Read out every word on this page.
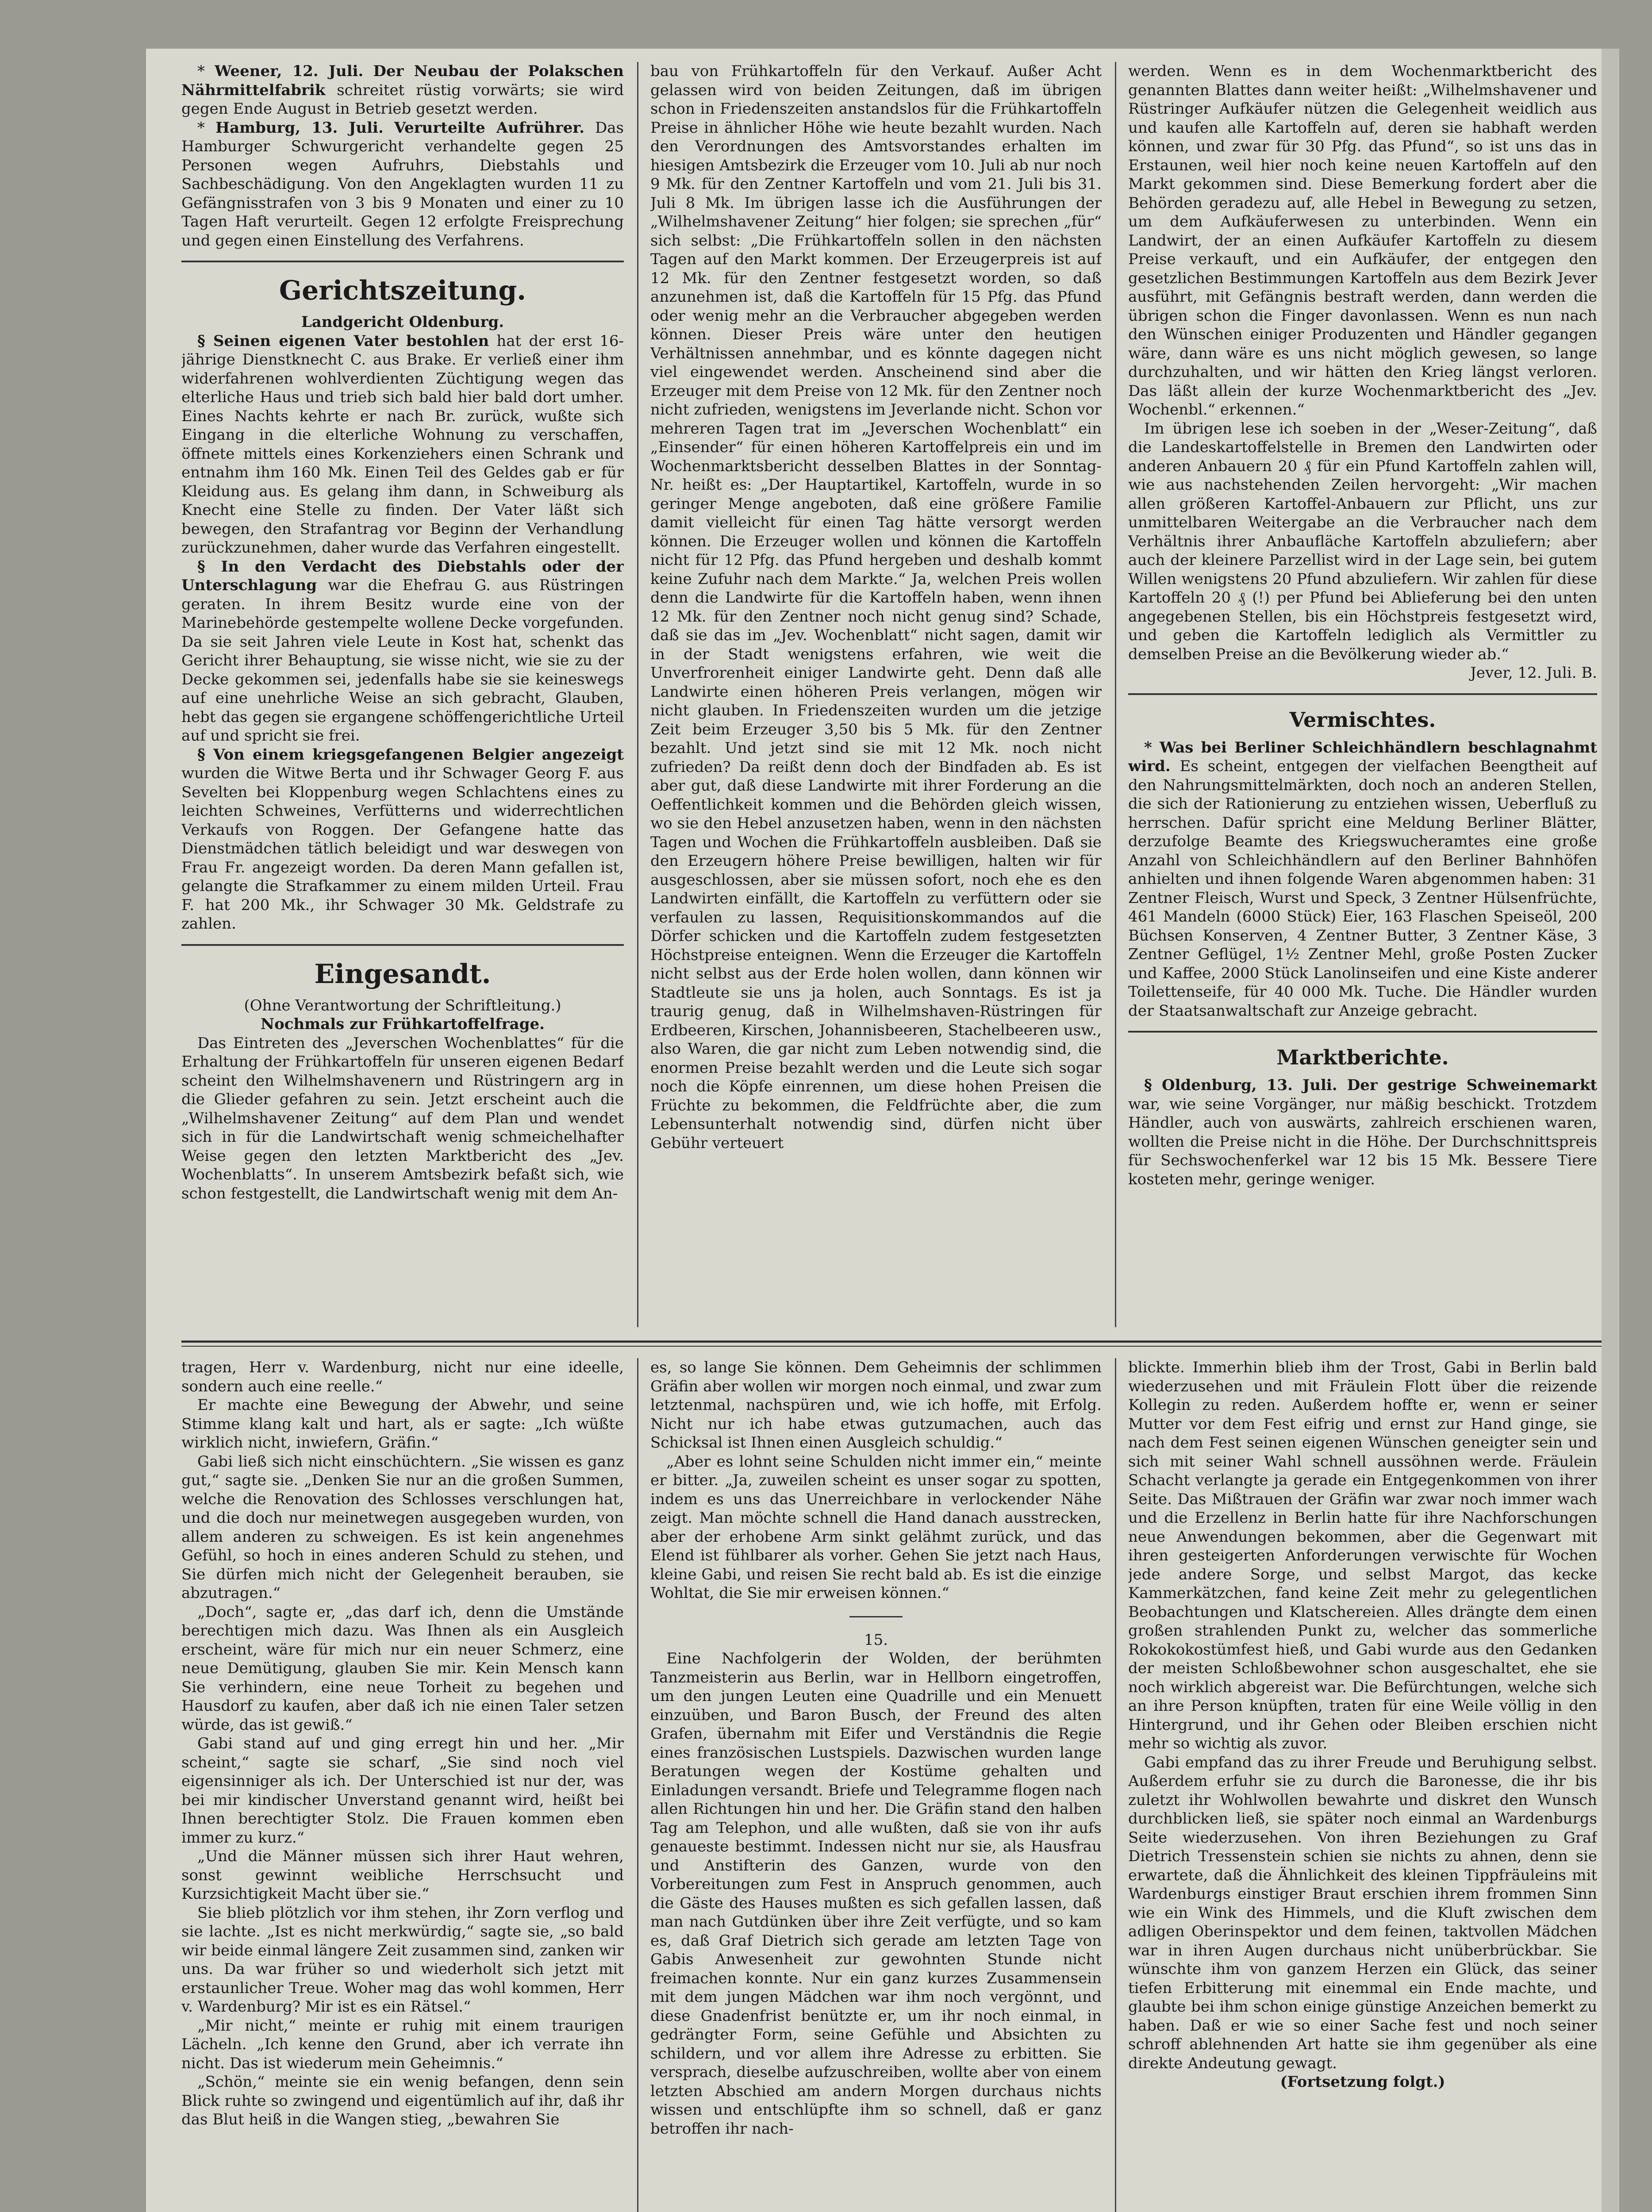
* Weener, 12. Juli. Der Neubau der Polakschen Nährmittelfabrik schreitet rüstig vorwärts; sie wird gegen Ende August in Betrieb gesetzt werden.

* Hamburg, 13. Juli. Verurteilte Aufrührer. Das Hamburger Schwurgericht verhandelte gegen 25 Personen wegen Aufruhrs, Diebstahls und Sachbeschädigung. Von den Angeklagten wurden 11 zu Gefängnisstrafen von 3 bis 9 Monaten und einer zu 10 Tagen Haft verurteilt. Gegen 12 erfolgte Freisprechung und gegen einen Einstellung des Verfahrens.

Gerichtszeitung.
Landgericht Oldenburg.

§ Seinen eigenen Vater bestohlen hat der erst 16-jährige Dienstknecht C. aus Brake. Er verließ einer ihm widerfahrenen wohlverdienten Züchtigung wegen das elterliche Haus und trieb sich bald hier bald dort umher. Eines Nachts kehrte er nach Br. zurück, wußte sich Eingang in die elterliche Wohnung zu verschaffen, öffnete mittels eines Korkenziehers einen Schrank und entnahm ihm 160 Mk. Einen Teil des Geldes gab er für Kleidung aus. Es gelang ihm dann, in Schweiburg als Knecht eine Stelle zu finden. Der Vater läßt sich bewegen, den Strafantrag vor Beginn der Verhandlung zurückzunehmen, daher wurde das Verfahren eingestellt.

§ In den Verdacht des Diebstahls oder der Unterschlagung war die Ehefrau G. aus Rüstringen geraten. In ihrem Besitz wurde eine von der Marinebehörde gestempelte wollene Decke vorgefunden. Da sie seit Jahren viele Leute in Kost hat, schenkt das Gericht ihrer Behauptung, sie wisse nicht, wie sie zu der Decke gekommen sei, jedenfalls habe sie sie keineswegs auf eine unehrliche Weise an sich gebracht, Glauben, hebt das gegen sie ergangene schöffengerichtliche Urteil auf und spricht sie frei.

§ Von einem kriegsgefangenen Belgier angezeigt wurden die Witwe Berta und ihr Schwager Georg F. aus Sevelten bei Kloppenburg wegen Schlachtens eines zu leichten Schweines, Verfütterns und widerrechtlichen Verkaufs von Roggen. Der Gefangene hatte das Dienstmädchen tätlich beleidigt und war deswegen von Frau Fr. angezeigt worden. Da deren Mann gefallen ist, gelangte die Strafkammer zu einem milden Urteil. Frau F. hat 200 Mk., ihr Schwager 30 Mk. Geldstrafe zu zahlen.

Eingesandt.
(Ohne Verantwortung der Schriftleitung.)
Nochmals zur Frühkartoffelfrage.

Das Eintreten des „Jeverschen Wochenblattes“ für die Erhaltung der Frühkartoffeln für unseren eigenen Bedarf scheint den Wilhelmshavenern und Rüstringern arg in die Glieder gefahren zu sein. Jetzt erscheint auch die „Wilhelmshavener Zeitung“ auf dem Plan und wendet sich in für die Landwirtschaft wenig schmeichelhafter Weise gegen den letzten Marktbericht des „Jev. Wochenblatts“. In unserem Amtsbezirk befaßt sich, wie schon festgestellt, die Landwirtschaft wenig mit dem An-

bau von Frühkartoffeln für den Verkauf. Außer Acht gelassen wird von beiden Zeitungen, daß im übrigen schon in Friedenszeiten anstandslos für die Frühkartoffeln Preise in ähnlicher Höhe wie heute bezahlt wurden. Nach den Verordnungen des Amtsvorstandes erhalten im hiesigen Amtsbezirk die Erzeuger vom 10. Juli ab nur noch 9 Mk. für den Zentner Kartoffeln und vom 21. Juli bis 31. Juli 8 Mk. Im übrigen lasse ich die Ausführungen der „Wilhelmshavener Zeitung“ hier folgen; sie sprechen „für“ sich selbst: „Die Frühkartoffeln sollen in den nächsten Tagen auf den Markt kommen. Der Erzeugerpreis ist auf 12 Mk. für den Zentner festgesetzt worden, so daß anzunehmen ist, daß die Kartoffeln für 15 Pfg. das Pfund oder wenig mehr an die Verbraucher abgegeben werden können. Dieser Preis wäre unter den heutigen Verhältnissen annehmbar, und es könnte dagegen nicht viel eingewendet werden. Anscheinend sind aber die Erzeuger mit dem Preise von 12 Mk. für den Zentner noch nicht zufrieden, wenigstens im Jeverlande nicht. Schon vor mehreren Tagen trat im „Jeverschen Wochenblatt“ ein „Einsender“ für einen höheren Kartoffelpreis ein und im Wochenmarktsbericht desselben Blattes in der Sonntag-Nr. heißt es: „Der Hauptartikel, Kartoffeln, wurde in so geringer Menge angeboten, daß eine größere Familie damit vielleicht für einen Tag hätte versorgt werden können. Die Erzeuger wollen und können die Kartoffeln nicht für 12 Pfg. das Pfund hergeben und deshalb kommt keine Zufuhr nach dem Markte.“ Ja, welchen Preis wollen denn die Landwirte für die Kartoffeln haben, wenn ihnen 12 Mk. für den Zentner noch nicht genug sind? Schade, daß sie das im „Jev. Wochenblatt“ nicht sagen, damit wir in der Stadt wenigstens erfahren, wie weit die Unverfrorenheit einiger Landwirte geht. Denn daß alle Landwirte einen höheren Preis verlangen, mögen wir nicht glauben. In Friedenszeiten wurden um die jetzige Zeit beim Erzeuger 3,50 bis 5 Mk. für den Zentner bezahlt. Und jetzt sind sie mit 12 Mk. noch nicht zufrieden? Da reißt denn doch der Bindfaden ab. Es ist aber gut, daß diese Landwirte mit ihrer Forderung an die Oeffentlichkeit kommen und die Behörden gleich wissen, wo sie den Hebel anzusetzen haben, wenn in den nächsten Tagen und Wochen die Frühkartoffeln ausbleiben. Daß sie den Erzeugern höhere Preise bewilligen, halten wir für ausgeschlossen, aber sie müssen sofort, noch ehe es den Landwirten einfällt, die Kartoffeln zu verfüttern oder sie verfaulen zu lassen, Requisitionskommandos auf die Dörfer schicken und die Kartoffeln zudem festgesetzten Höchstpreise enteignen. Wenn die Erzeuger die Kartoffeln nicht selbst aus der Erde holen wollen, dann können wir Stadtleute sie uns ja holen, auch Sonntags. Es ist ja traurig genug, daß in Wilhelmshaven-Rüstringen für Erdbeeren, Kirschen, Johannisbeeren, Stachelbeeren usw., also Waren, die gar nicht zum Leben notwendig sind, die enormen Preise bezahlt werden und die Leute sich sogar noch die Köpfe einrennen, um diese hohen Preisen die Früchte zu bekommen, die Feldfrüchte aber, die zum Lebensunterhalt notwendig sind, dürfen nicht über Gebühr verteuert

werden. Wenn es in dem Wochenmarktbericht des genannten Blattes dann weiter heißt: „Wilhelmshavener und Rüstringer Aufkäufer nützen die Gelegenheit weidlich aus und kaufen alle Kartoffeln auf, deren sie habhaft werden können, und zwar für 30 Pfg. das Pfund“, so ist uns das in Erstaunen, weil hier noch keine neuen Kartoffeln auf den Markt gekommen sind. Diese Bemerkung fordert aber die Behörden geradezu auf, alle Hebel in Bewegung zu setzen, um dem Aufkäuferwesen zu unterbinden. Wenn ein Landwirt, der an einen Aufkäufer Kartoffeln zu diesem Preise verkauft, und ein Aufkäufer, der entgegen den gesetzlichen Bestimmungen Kartoffeln aus dem Bezirk Jever ausführt, mit Gefängnis bestraft werden, dann werden die übrigen schon die Finger davonlassen. Wenn es nun nach den Wünschen einiger Produzenten und Händler gegangen wäre, dann wäre es uns nicht möglich gewesen, so lange durchzuhalten, und wir hätten den Krieg längst verloren. Das läßt allein der kurze Wochenmarktbericht des „Jev. Wochenbl.“ erkennen.“

Im übrigen lese ich soeben in der „Weser-Zeitung“, daß die Landeskartoffelstelle in Bremen den Landwirten oder anderen Anbauern 20 ₰ für ein Pfund Kartoffeln zahlen will, wie aus nachstehenden Zeilen hervorgeht: „Wir machen allen größeren Kartoffel-Anbauern zur Pflicht, uns zur unmittelbaren Weitergabe an die Verbraucher nach dem Verhältnis ihrer Anbaufläche Kartoffeln abzuliefern; aber auch der kleinere Parzellist wird in der Lage sein, bei gutem Willen wenigstens 20 Pfund abzuliefern. Wir zahlen für diese Kartoffeln 20 ₰ (!) per Pfund bei Ablieferung bei den unten angegebenen Stellen, bis ein Höchstpreis festgesetzt wird, und geben die Kartoffeln lediglich als Vermittler zu demselben Preise an die Bevölkerung wieder ab.“

Jever, 12. Juli. B.
Vermischtes.

* Was bei Berliner Schleichhändlern beschlagnahmt wird. Es scheint, entgegen der vielfachen Beengtheit auf den Nahrungsmittelmärkten, doch noch an anderen Stellen, die sich der Rationierung zu entziehen wissen, Ueberfluß zu herrschen. Dafür spricht eine Meldung Berliner Blätter, derzufolge Beamte des Kriegswucheramtes eine große Anzahl von Schleichhändlern auf den Berliner Bahnhöfen anhielten und ihnen folgende Waren abgenommen haben: 31 Zentner Fleisch, Wurst und Speck, 3 Zentner Hülsenfrüchte, 461 Mandeln (6000 Stück) Eier, 163 Flaschen Speiseöl, 200 Büchsen Konserven, 4 Zentner Butter, 3 Zentner Käse, 3 Zentner Geflügel, 1½ Zentner Mehl, große Posten Zucker und Kaffee, 2000 Stück Lanolinseifen und eine Kiste anderer Toilettenseife, für 40 000 Mk. Tuche. Die Händler wurden der Staatsanwaltschaft zur Anzeige gebracht.

Marktberichte.

§ Oldenburg, 13. Juli. Der gestrige Schweinemarkt war, wie seine Vorgänger, nur mäßig beschickt. Trotzdem Händler, auch von auswärts, zahlreich erschienen waren, wollten die Preise nicht in die Höhe. Der Durchschnittspreis für Sechswochenferkel war 12 bis 15 Mk. Bessere Tiere kosteten mehr, geringe weniger.

tragen, Herr v. Wardenburg, nicht nur eine ideelle, sondern auch eine reelle.“

Er machte eine Bewegung der Abwehr, und seine Stimme klang kalt und hart, als er sagte: „Ich wüßte wirklich nicht, inwiefern, Gräfin.“

Gabi ließ sich nicht einschüchtern. „Sie wissen es ganz gut,“ sagte sie. „Denken Sie nur an die großen Summen, welche die Renovation des Schlosses verschlungen hat, und die doch nur meinetwegen ausgegeben wurden, von allem anderen zu schweigen. Es ist kein angenehmes Gefühl, so hoch in eines anderen Schuld zu stehen, und Sie dürfen mich nicht der Gelegenheit berauben, sie abzutragen.“

„Doch“, sagte er, „das darf ich, denn die Umstände berechtigen mich dazu. Was Ihnen als ein Ausgleich erscheint, wäre für mich nur ein neuer Schmerz, eine neue Demütigung, glauben Sie mir. Kein Mensch kann Sie verhindern, eine neue Torheit zu begehen und Hausdorf zu kaufen, aber daß ich nie einen Taler setzen würde, das ist gewiß.“

Gabi stand auf und ging erregt hin und her. „Mir scheint,“ sagte sie scharf, „Sie sind noch viel eigensinniger als ich. Der Unterschied ist nur der, was bei mir kindischer Unverstand genannt wird, heißt bei Ihnen berechtigter Stolz. Die Frauen kommen eben immer zu kurz.“

„Und die Männer müssen sich ihrer Haut wehren, sonst gewinnt weibliche Herrschsucht und Kurzsichtigkeit Macht über sie.“

Sie blieb plötzlich vor ihm stehen, ihr Zorn verflog und sie lachte. „Ist es nicht merkwürdig,“ sagte sie, „so bald wir beide einmal längere Zeit zusammen sind, zanken wir uns. Da war früher so und wiederholt sich jetzt mit erstaunlicher Treue. Woher mag das wohl kommen, Herr v. Wardenburg? Mir ist es ein Rätsel.“

„Mir nicht,“ meinte er ruhig mit einem traurigen Lächeln. „Ich kenne den Grund, aber ich verrate ihn nicht. Das ist wiederum mein Geheimnis.“

„Schön,“ meinte sie ein wenig befangen, denn sein Blick ruhte so zwingend und eigentümlich auf ihr, daß ihr das Blut heiß in die Wangen stieg, „bewahren Sie

es, so lange Sie können. Dem Geheimnis der schlimmen Gräfin aber wollen wir morgen noch einmal, und zwar zum letztenmal, nachspüren und, wie ich hoffe, mit Erfolg. Nicht nur ich habe etwas gutzumachen, auch das Schicksal ist Ihnen einen Ausgleich schuldig.“

„Aber es lohnt seine Schulden nicht immer ein,“ meinte er bitter. „Ja, zuweilen scheint es unser sogar zu spotten, indem es uns das Unerreichbare in verlockender Nähe zeigt. Man möchte schnell die Hand danach ausstrecken, aber der erhobene Arm sinkt gelähmt zurück, und das Elend ist fühlbarer als vorher. Gehen Sie jetzt nach Haus, kleine Gabi, und reisen Sie recht bald ab. Es ist die einzige Wohltat, die Sie mir erweisen können.“

15.

Eine Nachfolgerin der Wolden, der berühmten Tanzmeisterin aus Berlin, war in Hellborn eingetroffen, um den jungen Leuten eine Quadrille und ein Menuett einzuüben, und Baron Busch, der Freund des alten Grafen, übernahm mit Eifer und Verständnis die Regie eines französischen Lustspiels. Dazwischen wurden lange Beratungen wegen der Kostüme gehalten und Einladungen versandt. Briefe und Telegramme flogen nach allen Richtungen hin und her. Die Gräfin stand den halben Tag am Telephon, und alle wußten, daß sie von ihr aufs genaueste bestimmt. Indessen nicht nur sie, als Hausfrau und Anstifterin des Ganzen, wurde von den Vorbereitungen zum Fest in Anspruch genommen, auch die Gäste des Hauses mußten es sich gefallen lassen, daß man nach Gutdünken über ihre Zeit verfügte, und so kam es, daß Graf Dietrich sich gerade am letzten Tage von Gabis Anwesenheit zur gewohnten Stunde nicht freimachen konnte. Nur ein ganz kurzes Zusammensein mit dem jungen Mädchen war ihm noch vergönnt, und diese Gnadenfrist benützte er, um ihr noch einmal, in gedrängter Form, seine Gefühle und Absichten zu schildern, und vor allem ihre Adresse zu erbitten. Sie versprach, dieselbe aufzuschreiben, wollte aber von einem letzten Abschied am andern Morgen durchaus nichts wissen und entschlüpfte ihm so schnell, daß er ganz betroffen ihr nach-

blickte. Immerhin blieb ihm der Trost, Gabi in Berlin bald wiederzusehen und mit Fräulein Flott über die reizende Kollegin zu reden. Außerdem hoffte er, wenn er seiner Mutter vor dem Fest eifrig und ernst zur Hand ginge, sie nach dem Fest seinen eigenen Wünschen geneigter sein und sich mit seiner Wahl schnell aussöhnen werde. Fräulein Schacht verlangte ja gerade ein Entgegenkommen von ihrer Seite. Das Mißtrauen der Gräfin war zwar noch immer wach und die Erzellenz in Berlin hatte für ihre Nachforschungen neue Anwendungen bekommen, aber die Gegenwart mit ihren gesteigerten Anforderungen verwischte für Wochen jede andere Sorge, und selbst Margot, das kecke Kammerkätzchen, fand keine Zeit mehr zu gelegentlichen Beobachtungen und Klatschereien. Alles drängte dem einen großen strahlenden Punkt zu, welcher das sommerliche Rokokokostümfest hieß, und Gabi wurde aus den Gedanken der meisten Schloßbewohner schon ausgeschaltet, ehe sie noch wirklich abgereist war. Die Befürchtungen, welche sich an ihre Person knüpften, traten für eine Weile völlig in den Hintergrund, und ihr Gehen oder Bleiben erschien nicht mehr so wichtig als zuvor.

Gabi empfand das zu ihrer Freude und Beruhigung selbst. Außerdem erfuhr sie zu durch die Baronesse, die ihr bis zuletzt ihr Wohlwollen bewahrte und diskret den Wunsch durchblicken ließ, sie später noch einmal an Wardenburgs Seite wiederzusehen. Von ihren Beziehungen zu Graf Dietrich Tressenstein schien sie nichts zu ahnen, denn sie erwartete, daß die Ähnlichkeit des kleinen Tippfräuleins mit Wardenburgs einstiger Braut erschien ihrem frommen Sinn wie ein Wink des Himmels, und die Kluft zwischen dem adligen Oberinspektor und dem feinen, taktvollen Mädchen war in ihren Augen durchaus nicht unüberbrückbar. Sie wünschte ihm von ganzem Herzen ein Glück, das seiner tiefen Erbitterung mit einemmal ein Ende machte, und glaubte bei ihm schon einige günstige Anzeichen bemerkt zu haben. Daß er wie so einer Sache fest und noch seiner schroff ablehnenden Art hatte sie ihm gegenüber als eine direkte Andeutung gewagt.

(Fortsetzung folgt.)
